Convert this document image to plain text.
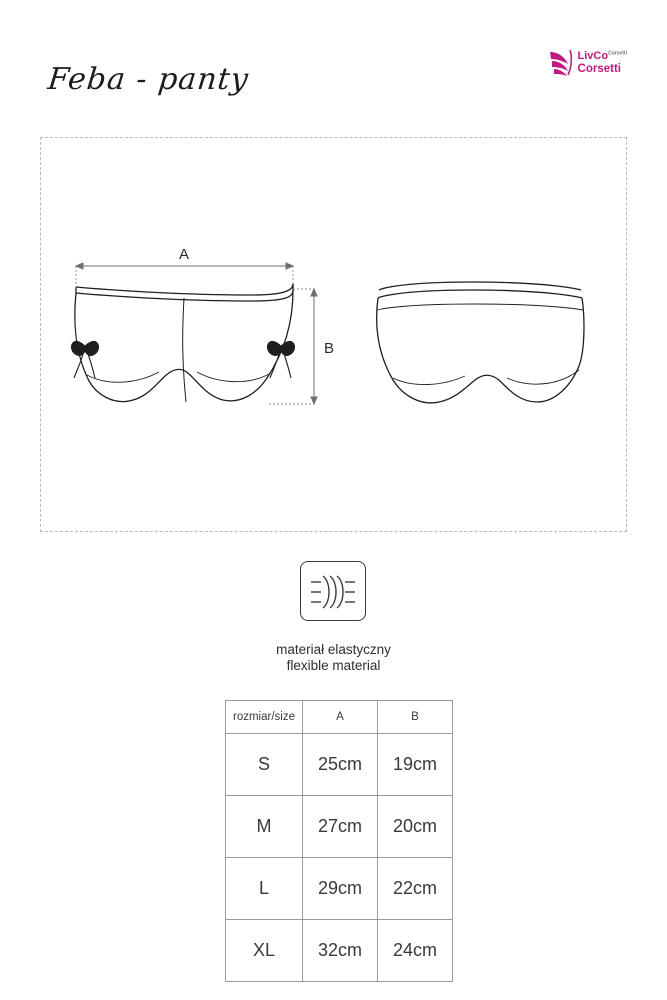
Feba - panty
LivCo$^{Corsetti}$
Corsetti
A
B
materiał elastyczny
flexible material
rozmiar/size	A	B
S	25cm	19cm
M	27cm	20cm
L	29cm	22cm
XL	32cm	24cm
